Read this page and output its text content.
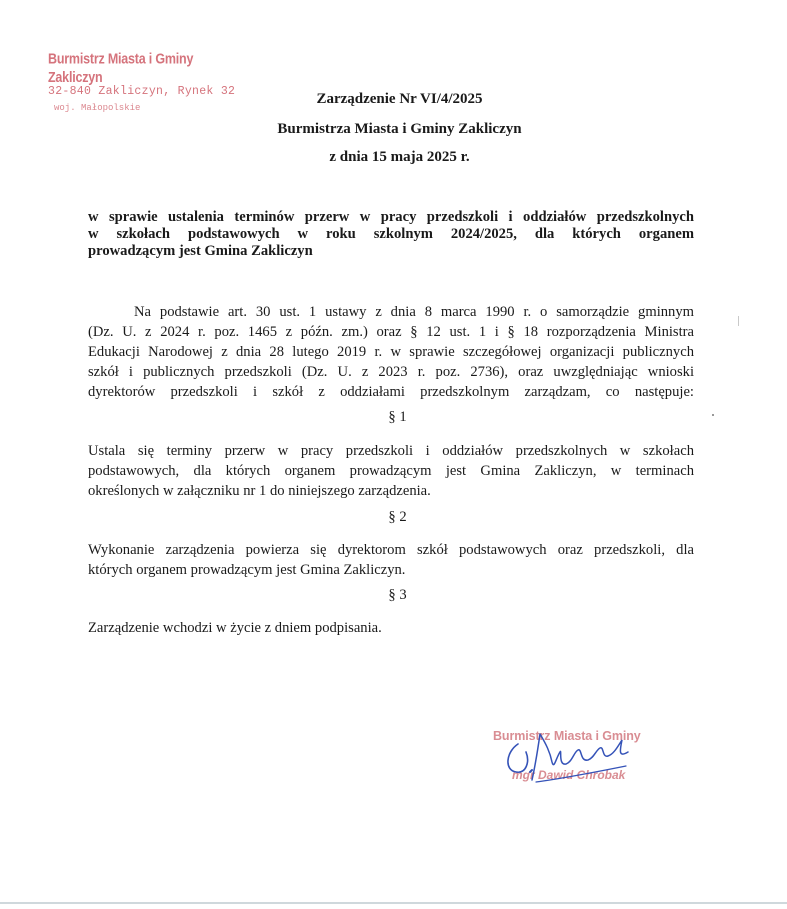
Burmistrz Miasta i Gminy Zakliczyn
32-840 Zakliczyn, Rynek 32
woj. Małopolskie
Zarządzenie Nr VI/4/2025
Burmistrza Miasta i Gminy Zakliczyn
z dnia 15 maja 2025 r.
w sprawie ustalenia terminów przerw w pracy przedszkoli i oddziałów przedszkolnych
w szkołach podstawowych w roku szkolnym 2024/2025, dla których organem
prowadzącym jest Gmina Zakliczyn
Na podstawie art. 30 ust. 1 ustawy z dnia 8 marca 1990 r. o samorządzie gminnym
(Dz. U. z 2024 r. poz. 1465 z późn. zm.) oraz § 12 ust. 1 i § 18 rozporządzenia Ministra
Edukacji Narodowej z dnia 28 lutego 2019 r. w sprawie szczegółowej organizacji publicznych
szkół i publicznych przedszkoli (Dz. U. z 2023 r. poz. 2736), oraz uwzględniając wnioski
dyrektorów przedszkoli i szkół z oddziałami przedszkolnym zarządzam, co następuje:
§ 1
Ustala się terminy przerw w pracy przedszkoli i oddziałów przedszkolnych w szkołach
podstawowych, dla których organem prowadzącym jest Gmina Zakliczyn, w terminach
określonych w załączniku nr 1 do niniejszego zarządzenia.
§ 2
Wykonanie zarządzenia powierza się dyrektorom szkół podstawowych oraz przedszkoli, dla
których organem prowadzącym jest Gmina Zakliczyn.
§ 3
Zarządzenie wchodzi w życie z dniem podpisania.
Burmistrz Miasta i Gminy
mgr Dawid Chrobak
